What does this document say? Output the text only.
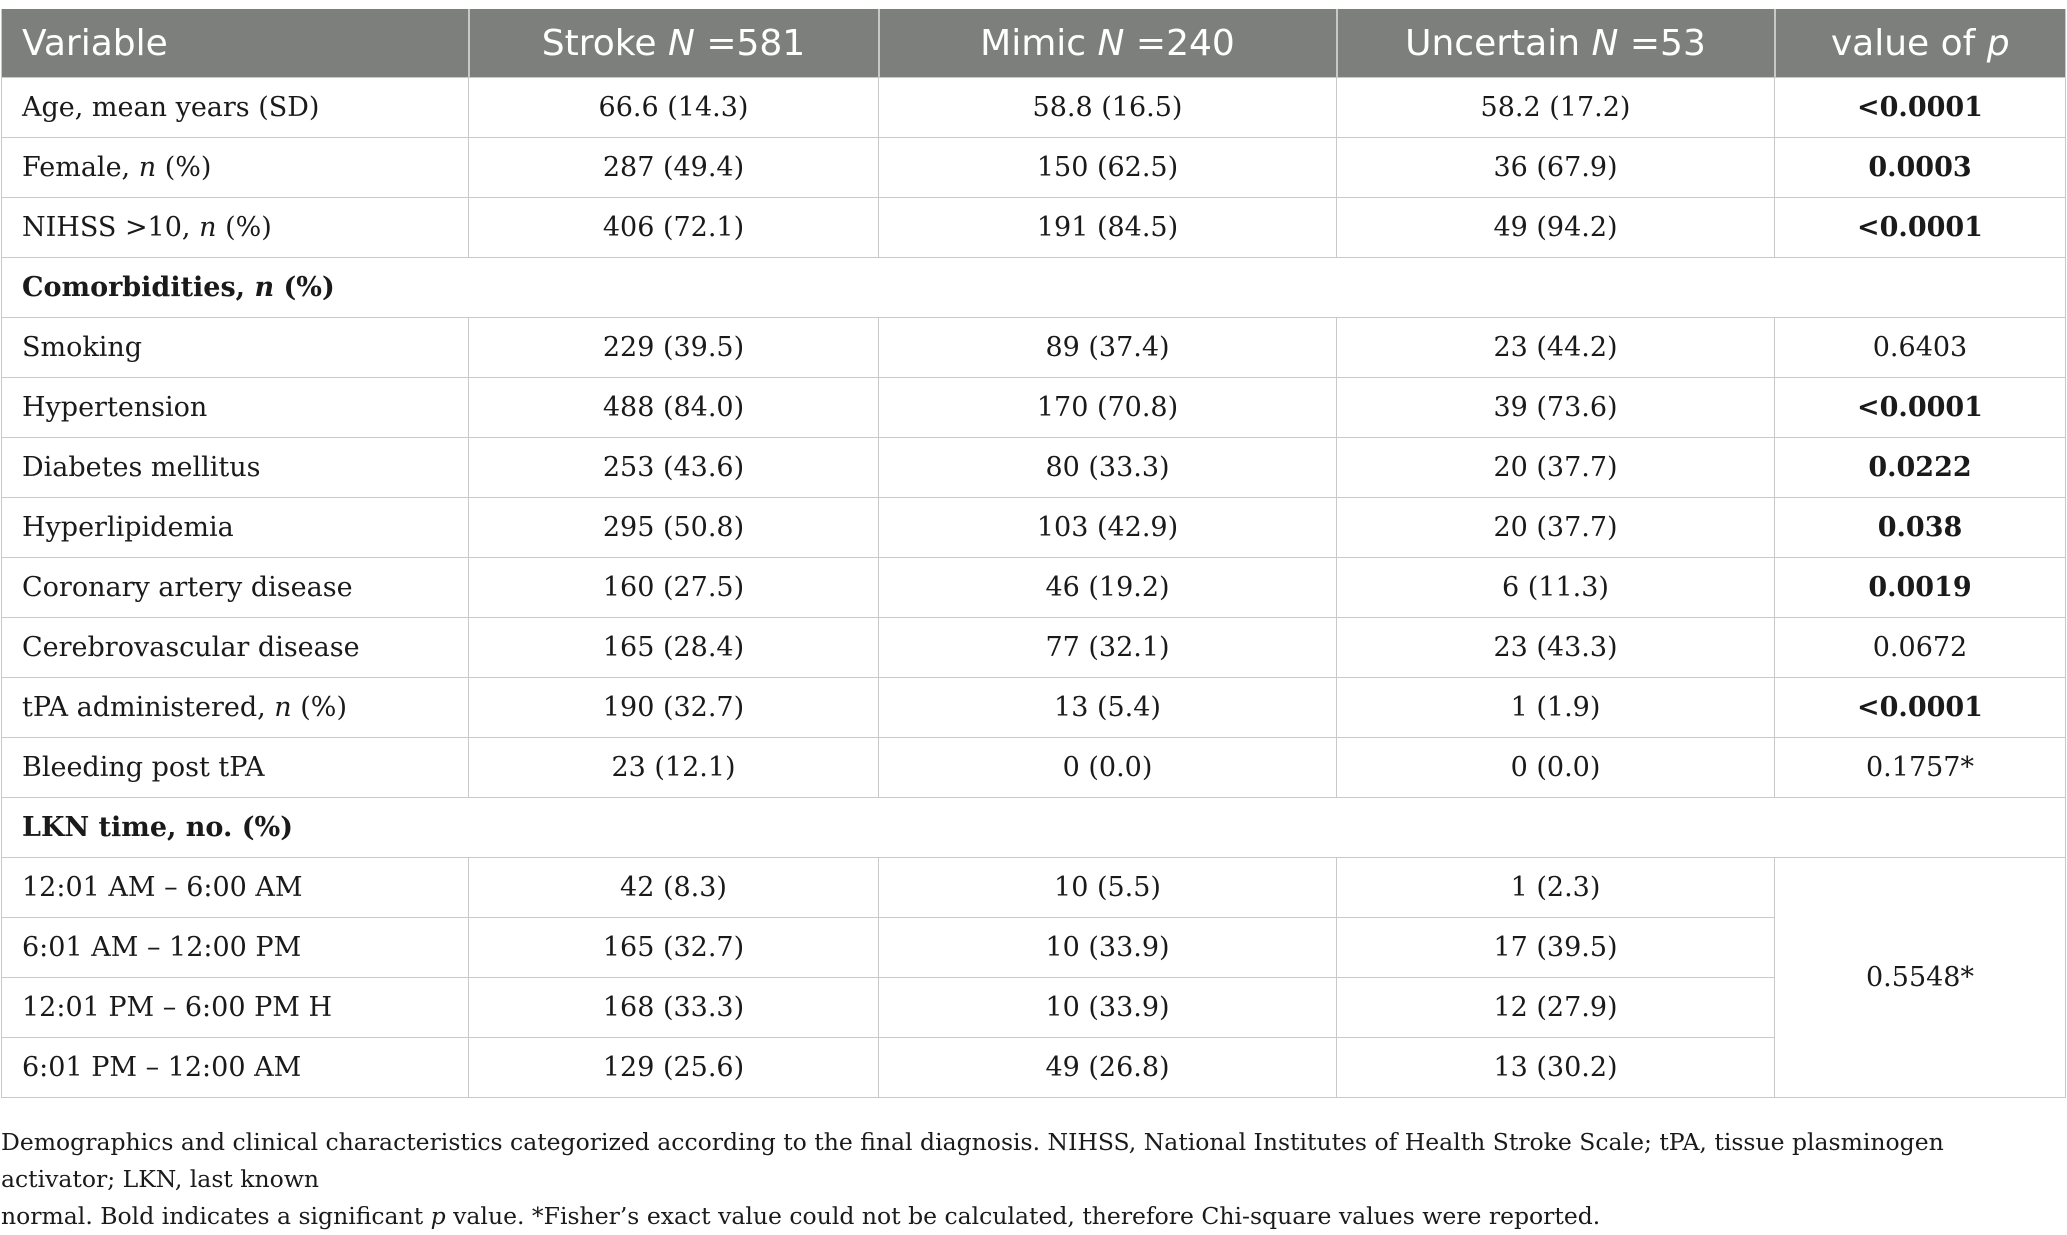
Variable	Stroke N =581	Mimic N =240	Uncertain N =53	value of p
Age, mean years (SD)	66.6 (14.3)	58.8 (16.5)	58.2 (17.2)	<0.0001
Female, n (%)	287 (49.4)	150 (62.5)	36 (67.9)	0.0003
NIHSS >10, n (%)	406 (72.1)	191 (84.5)	49 (94.2)	<0.0001
Comorbidities, n (%)				
Smoking	229 (39.5)	89 (37.4)	23 (44.2)	0.6403
Hypertension	488 (84.0)	170 (70.8)	39 (73.6)	<0.0001
Diabetes mellitus	253 (43.6)	80 (33.3)	20 (37.7)	0.0222
Hyperlipidemia	295 (50.8)	103 (42.9)	20 (37.7)	0.038
Coronary artery disease	160 (27.5)	46 (19.2)	6 (11.3)	0.0019
Cerebrovascular disease	165 (28.4)	77 (32.1)	23 (43.3)	0.0672
tPA administered, n (%)	190 (32.7)	13 (5.4)	1 (1.9)	<0.0001
Bleeding post tPA	23 (12.1)	0 (0.0)	0 (0.0)	0.1757*
LKN time, no. (%)				
12:01 AM – 6:00 AM	42 (8.3)	10 (5.5)	1 (2.3)	0.5548*
6:01 AM – 12:00 PM	165 (32.7)	10 (33.9)	17 (39.5)	
12:01 PM – 6:00 PM H	168 (33.3)	10 (33.9)	12 (27.9)	
6:01 PM – 12:00 AM	129 (25.6)	49 (26.8)	13 (30.2)	
Demographics and clinical characteristics categorized according to the final diagnosis. NIHSS, National Institutes of Health Stroke Scale; tPA, tissue plasminogen activator; LKN, last known
normal. Bold indicates a significant p value. *Fisher’s exact value could not be calculated, therefore Chi-square values were reported.
